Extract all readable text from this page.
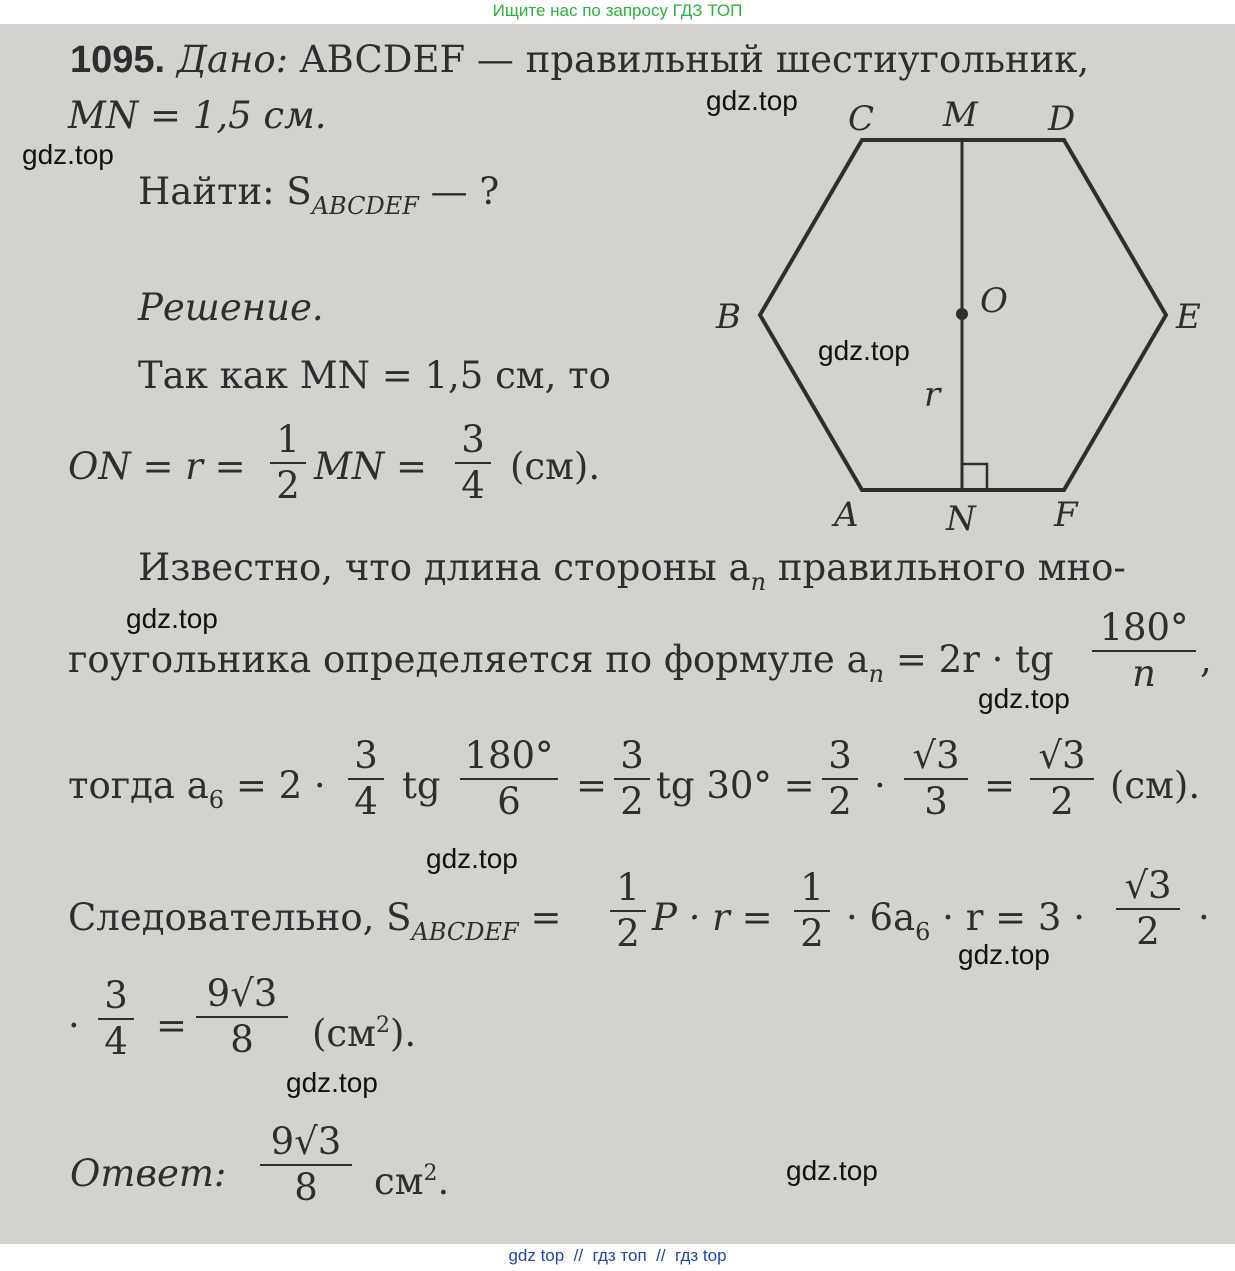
Ищите нас по запросу ГДЗ ТОП
1095. Дано: ABCDEF — правильный шестиугольник,
MN = 1,5 см.
Найти: $S_{ABCDEF}$ — ?
Решение.
Так как MN = 1,5 см, то
ON = r =
1
2 MN =
3
4 (см).
C M D
B	E
O
r
A	N F
Известно, что длина стороны $a_n$ правильного мно-
гоугольника определяется по формуле $a_n = 2r$ · tg
180°
n	,
тогда $a_6 = 2$ ·
3
4 tg
180°
6	=
3
2 tg 30° =
3
2 ·
√3
3 =
√3
2 (см).
Следовательно, $S_{ABCDEF}$ =
1
2 P · r =
1
$2 \cdot 6a_6 \cdot r = 3$ ·
√3
2	·
·
3
4 =
9√3
8	$(см^2)$.
Ответ:
9√3
8	$см^2$.
gdz.top
gdz.top
gdz.top
gdz.top
gdz.top
gdz.top
gdz.top
gdz.top
gdz.top
gdz top  //  гдз топ  //  гдз top
